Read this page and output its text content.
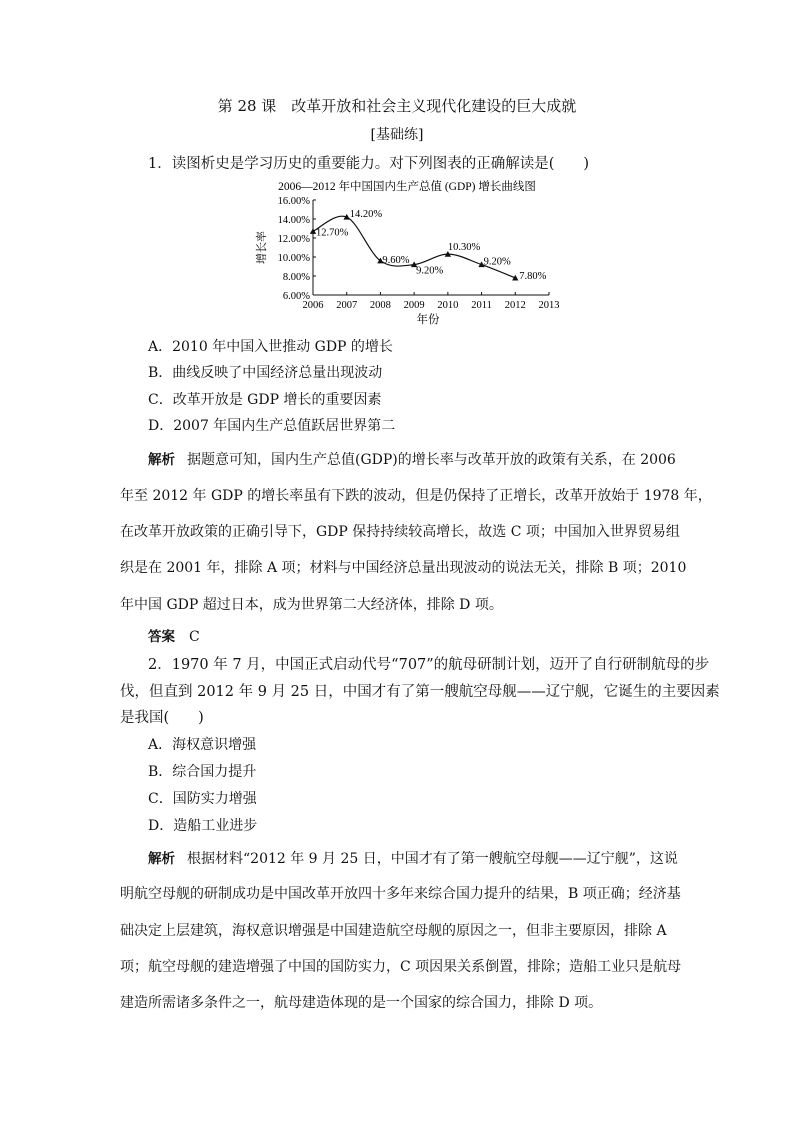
第 28 课　改革开放和社会主义现代化建设的巨大成就
[基础练]
1．读图析史是学习历史的重要能力。对下列图表的正确解读是(　　)
2006—2012 年中国国内生产总值 (GDP) 增长曲线图
6.00%
8.00%
10.00%
12.00%
14.00%
16.00%
2006 2007 2008 2009 2010 2011 2012 2013
12.70%
14.20%
9.60%
9.20%
10.30%
9.20%
7.80%
增长率
年份
A．2010 年中国入世推动 GDP 的增长
B．曲线反映了中国经济总量出现波动
C．改革开放是 GDP 增长的重要因素
D．2007 年国内生产总值跃居世界第二
解析 据题意可知，国内生产总值(GDP)的增长率与改革开放的政策有关系，在 2006
年至 2012 年 GDP 的增长率虽有下跌的波动，但是仍保持了正增长，改革开放始于 1978 年，
在改革开放政策的正确引导下，GDP 保持持续较高增长，故选 C 项；中国加入世界贸易组
织是在 2001 年，排除 A 项；材料与中国经济总量出现波动的说法无关，排除 B 项；2010
年中国 GDP 超过日本，成为世界第二大经济体，排除 D 项。
答案 C
2．1970 年 7 月，中国正式启动代号“707”的航母研制计划，迈开了自行研制航母的步
伐，但直到 2012 年 9 月 25 日，中国才有了第一艘航空母舰——辽宁舰，它诞生的主要因素
是我国(　　)
A．海权意识增强
B．综合国力提升
C．国防实力增强
D．造船工业进步
解析 根据材料“2012 年 9 月 25 日，中国才有了第一艘航空母舰——辽宁舰”，这说
明航空母舰的研制成功是中国改革开放四十多年来综合国力提升的结果，B 项正确；经济基
础决定上层建筑，海权意识增强是中国建造航空母舰的原因之一，但非主要原因，排除 A
项；航空母舰的建造增强了中国的国防实力，C 项因果关系倒置，排除；造船工业只是航母
建造所需诸多条件之一，航母建造体现的是一个国家的综合国力，排除 D 项。
